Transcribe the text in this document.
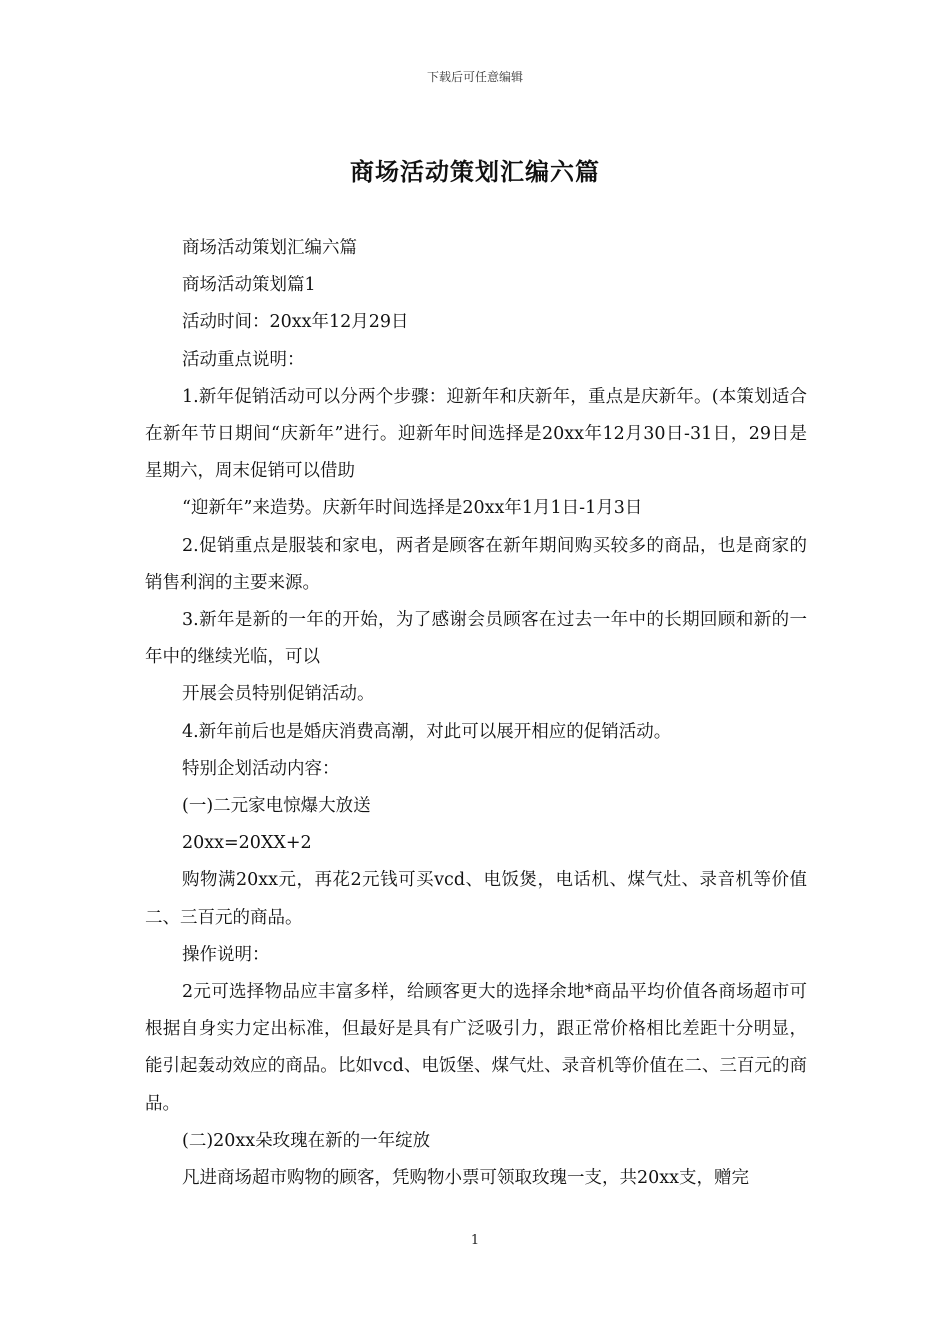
下载后可任意编辑
商场活动策划汇编六篇

商场活动策划汇编六篇

商场活动策划篇1

活动时间：20xx年12月29日

活动重点说明：

1.新年促销活动可以分两个步骤：迎新年和庆新年，重点是庆新年。(本策划适合在新年节日期间“庆新年”进行。迎新年时间选择是20xx年12月30日-31日，29日是星期六，周末促销可以借助

“迎新年”来造势。庆新年时间选择是20xx年1月1日-1月3日

2.促销重点是服装和家电，两者是顾客在新年期间购买较多的商品，也是商家的销售利润的主要来源。

3.新年是新的一年的开始，为了感谢会员顾客在过去一年中的长期回顾和新的一年中的继续光临，可以

开展会员特别促销活动。

4.新年前后也是婚庆消费高潮，对此可以展开相应的促销活动。

特别企划活动内容：

(一)二元家电惊爆大放送

20xx=20XX+2

购物满20xx元，再花2元钱可买vcd、电饭煲，电话机、煤气灶、录音机等价值二、三百元的商品。

操作说明：

2元可选择物品应丰富多样，给顾客更大的选择余地*商品平均价值各商场超市可根据自身实力定出标准，但最好是具有广泛吸引力，跟正常价格相比差距十分明显，能引起轰动效应的商品。比如vcd、电饭堡、煤气灶、录音机等价值在二、三百元的商品。

(二)20xx朵玫瑰在新的一年绽放

凡进商场超市购物的顾客，凭购物小票可领取玫瑰一支，共20xx支，赠完

1
